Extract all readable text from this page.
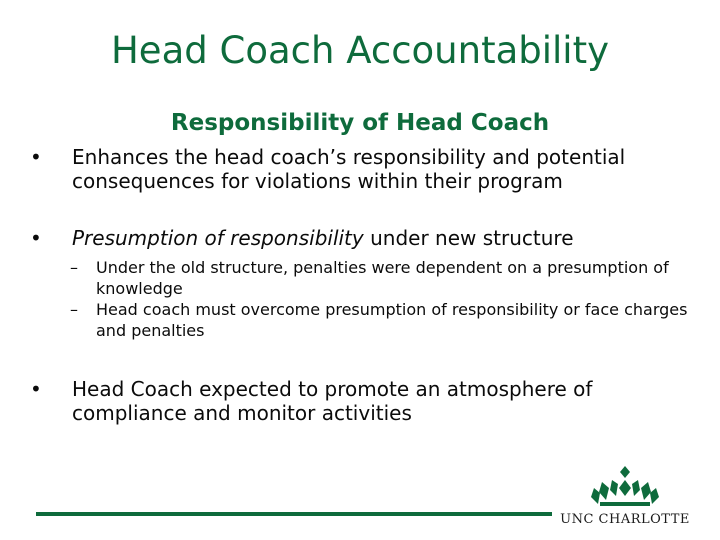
Head Coach Accountability
Responsibility of Head Coach
• Enhances the head coach’s responsibility and potential consequences for violations within their program
• Presumption of responsibility under new structure
– Under the old structure, penalties were dependent on a presumption of knowledge
– Head coach must overcome presumption of responsibility or face charges and penalties
• Head Coach expected to promote an atmosphere of compliance and monitor activities
UNC CHARLOTTE
